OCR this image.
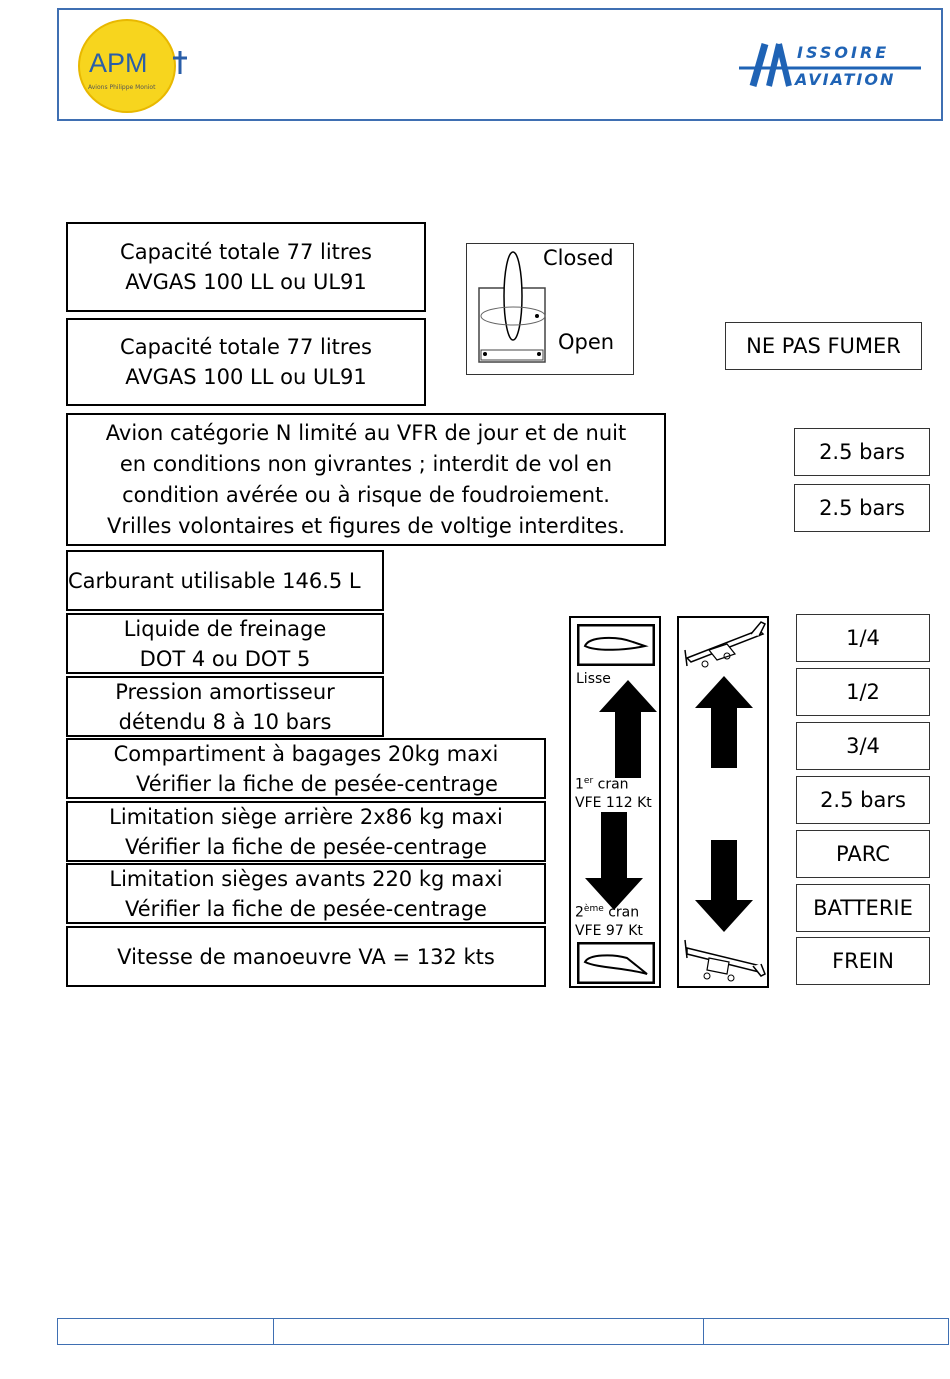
APM
Avions Philippe Moniot
ISSOIRE
AVIATION
Capacité totale 77 litres
AVGAS 100 LL ou UL91
Capacité totale 77 litres
AVGAS 100 LL ou UL91
Closed
Open	NE PAS FUMER
Avion catégorie N limité au VFR de jour et de nuit
en conditions non givrantes ; interdit de vol en
condition avérée ou à risque de foudroiement.
Vrilles volontaires et figures de voltige interdites.
2.5 bars
2.5 bars
Carburant utilisable 146.5 L
Liquide de freinage
DOT 4 ou DOT 5
Pression amortisseur
détendu 8 à 10 bars
Compartiment à bagages 20kg maxi
Vérifier la fiche de pesée-centrage
Limitation siège arrière 2x86 kg maxi
Vérifier la fiche de pesée-centrage
Limitation sièges avants 220 kg maxi
Vérifier la fiche de pesée-centrage
Vitesse de manoeuvre VA = 132 kts
Lisse
1er cran
VFE 112 Kt
2ème cran
VFE 97 Kt
1/4
1/2
3/4
2.5 bars
PARC
BATTERIE
FREIN
